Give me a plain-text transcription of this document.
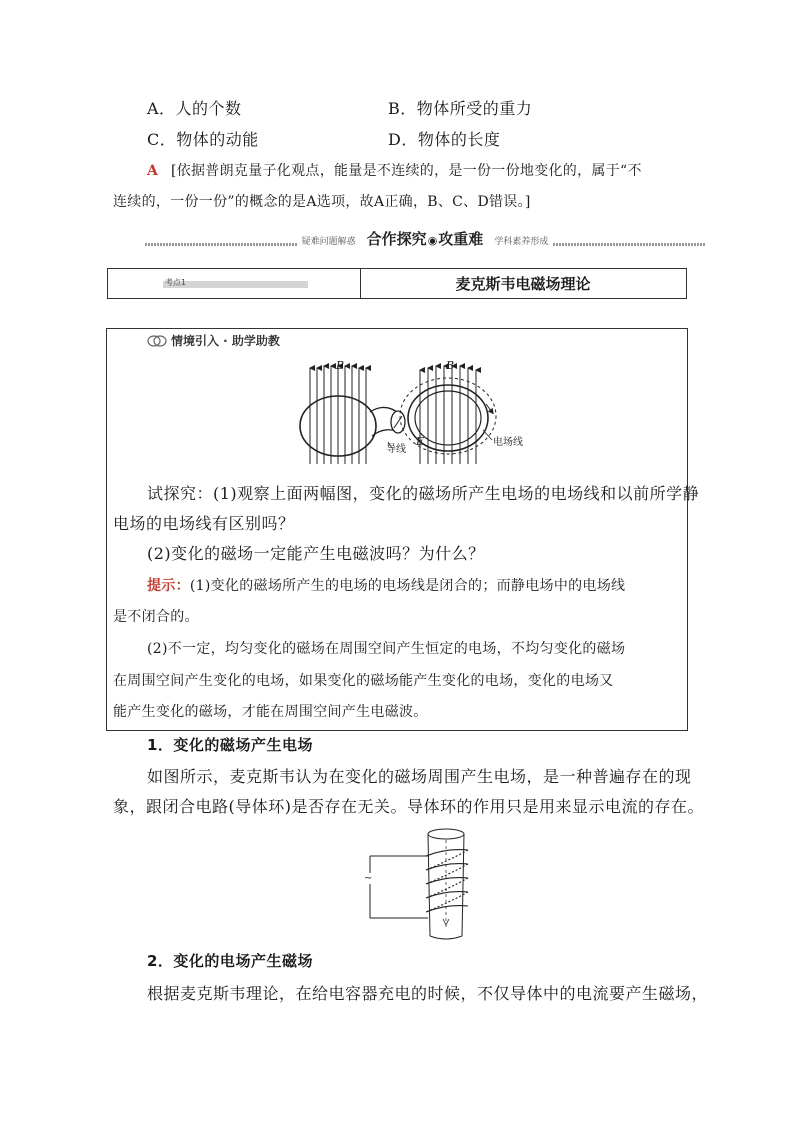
A．人的个数	B．物体所受的重力
C．物体的动能	D．物体的长度
A [依据普朗克量子化观点，能量是不连续的，是一份一份地变化的，属于“不
连续的，一份一份”的概念的是A选项，故A正确，B、C、D错误。]
疑难问题解惑 合作探究◉攻重难 学科素养形成
考点1	麦克斯韦电磁场理论
情境引入 · 助学助教
B	B
导线
E	电场线
试探究：(1)观察上面两幅图，变化的磁场所产生电场的电场线和以前所学静
电场的电场线有区别吗？
(2)变化的磁场一定能产生电磁波吗？为什么？
提示：(1)变化的磁场所产生的电场的电场线是闭合的；而静电场中的电场线
是不闭合的。
(2)不一定，均匀变化的磁场在周围空间产生恒定的电场，不均匀变化的磁场
在周围空间产生变化的电场，如果变化的磁场能产生变化的电场，变化的电场又
能产生变化的磁场，才能在周围空间产生电磁波。
1．变化的磁场产生电场
如图所示，麦克斯韦认为在变化的磁场周围产生电场，是一种普遍存在的现
象，跟闭合电路(导体环)是否存在无关。导体环的作用只是用来显示电流的存在。
~
2．变化的电场产生磁场
根据麦克斯韦理论，在给电容器充电的时候，不仅导体中的电流要产生磁场，
